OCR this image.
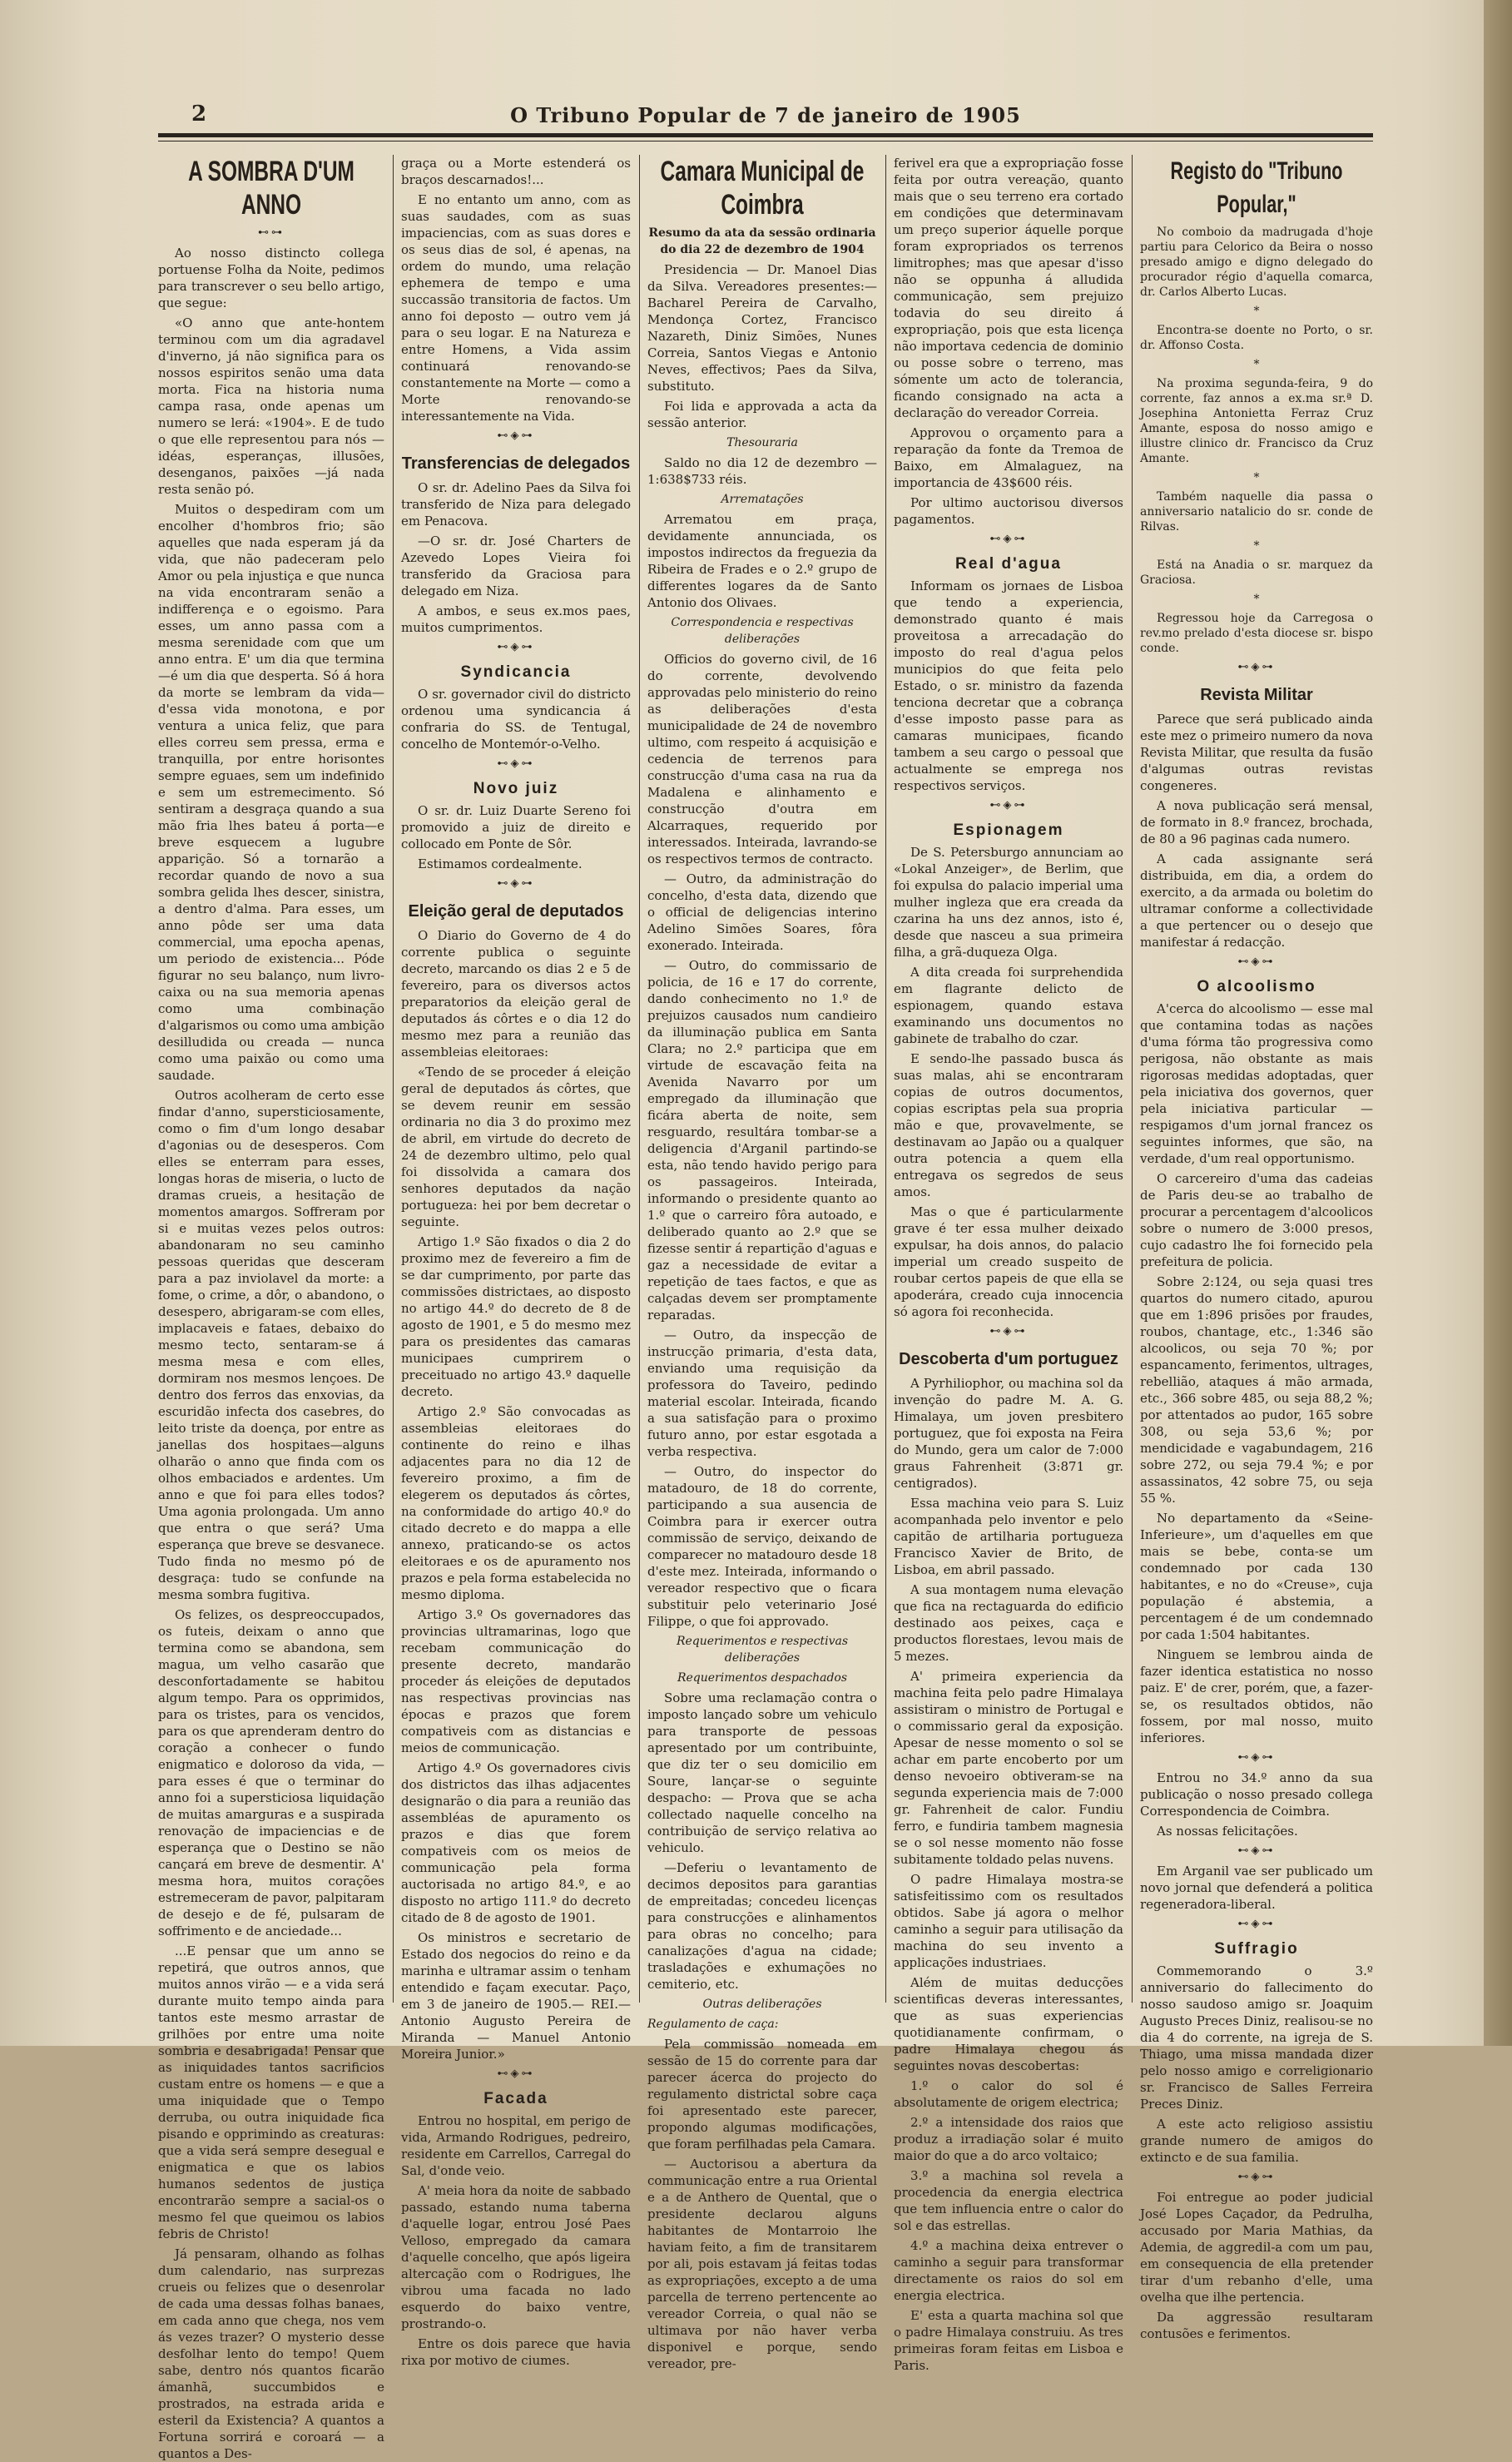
2	O Tribuno Popular de 7 de janeiro de 1905
A SOMBRA D'UM ANNO
⊷⊶

Ao nosso distincto collega portuense Folha da Noite, pedimos para transcrever o seu bello artigo, que segue:

«O anno que ante-hontem terminou com um dia agradavel d'inverno, já não significa para os nossos espiritos senão uma data morta. Fica na historia numa campa rasa, onde apenas um numero se lerá: «1904». E de tudo o que elle representou para nós — idéas, esperanças, illusões, desenganos, paixões —já nada resta senão pó.

Muitos o despediram com um encolher d'hombros frio; são aquelles que nada esperam já da vida, que não padeceram pelo Amor ou pela injustiça e que nunca na vida encontraram senão a indifferença e o egoismo. Para esses, um anno passa com a mesma serenidade com que um anno entra. E' um dia que termina—é um dia que desperta. Só á hora da morte se lembram da vida—d'essa vida monotona, e por ventura a unica feliz, que para elles correu sem pressa, erma e tranquilla, por entre horisontes sempre eguaes, sem um indefinido e sem um estremecimento. Só sentiram a desgraça quando a sua mão fria lhes bateu á porta—e breve esquecem a lugubre apparição. Só a tornarão a recordar quando de novo a sua sombra gelida lhes descer, sinistra, a dentro d'alma. Para esses, um anno pôde ser uma data commercial, uma epocha apenas, um periodo de existencia... Póde figurar no seu balanço, num livro-caixa ou na sua memoria apenas como uma combinação d'algarismos ou como uma ambição desilludida ou creada — nunca como uma paixão ou como uma saudade.

Outros acolheram de certo esse findar d'anno, supersticiosamente, como o fim d'um longo desabar d'agonias ou de desesperos. Com elles se enterram para esses, longas horas de miseria, o lucto de dramas crueis, a hesitação de momentos amargos. Soffreram por si e muitas vezes pelos outros: abandonaram no seu caminho pessoas queridas que desceram para a paz inviolavel da morte: a fome, o crime, a dôr, o abandono, o desespero, abrigaram-se com elles, implacaveis e fataes, debaixo do mesmo tecto, sentaram-se á mesma mesa e com elles, dormiram nos mesmos lençoes. De dentro dos ferros das enxovias, da escuridão infecta dos casebres, do leito triste da doença, por entre as janellas dos hospitaes—alguns olharão o anno que finda com os olhos embaciados e ardentes. Um anno e que foi para elles todos? Uma agonia prolongada. Um anno que entra o que será? Uma esperança que breve se desvanece. Tudo finda no mesmo pó de desgraça: tudo se confunde na mesma sombra fugitiva.

Os felizes, os despreoccupados, os futeis, deixam o anno que termina como se abandona, sem magua, um velho casarão que desconfortadamente se habitou algum tempo. Para os opprimidos, para os tristes, para os vencidos, para os que aprenderam dentro do coração a conhecer o fundo enigmatico e doloroso da vida, — para esses é que o terminar do anno foi a supersticiosa liquidação de muitas amarguras e a suspirada renovação de impaciencias e de esperança que o Destino se não cançará em breve de desmentir. A' mesma hora, muitos corações estremeceram de pavor, palpitaram de desejo e de fé, pulsaram de soffrimento e de anciedade...

...E pensar que um anno se repetirá, que outros annos, que muitos annos virão — e a vida será durante muito tempo ainda para tantos este mesmo arrastar de grilhões por entre uma noite sombria e desabrigada! Pensar que as iniquidades tantos sacrificios custam entre os homens — e que a uma iniquidade que o Tempo derruba, ou outra iniquidade fica pisando e opprimindo as creaturas: que a vida será sempre desegual e enigmatica e que os labios humanos sedentos de justiça encontrarão sempre a sacial-os o mesmo fel que queimou os labios febris de Christo!

Já pensaram, olhando as folhas dum calendario, nas surprezas crueis ou felizes que o desenrolar de cada uma dessas folhas banaes, em cada anno que chega, nos vem ás vezes trazer? O mysterio desse desfolhar lento do tempo! Quem sabe, dentro nós quantos ficarão ámanhã, succumbidos e prostrados, na estrada arida e esteril da Existencia? A quantos a Fortuna sorrirá e coroará — a quantos a Des-

graça ou a Morte estenderá os braços descarnados!...

E no entanto um anno, com as suas saudades, com as suas impaciencias, com as suas dores e os seus dias de sol, é apenas, na ordem do mundo, uma relação ephemera de tempo e uma succassão transitoria de factos. Um anno foi deposto — outro vem já para o seu logar. E na Natureza e entre Homens, a Vida assim continuará renovando-se constantemente na Morte — como a Morte renovando-se interessantemente na Vida.

⊷◈⊶
Transferencias de delegados

O sr. dr. Adelino Paes da Silva foi transferido de Niza para delegado em Penacova.

—O sr. dr. José Charters de Azevedo Lopes Vieira foi transferido da Graciosa para delegado em Niza.

A ambos, e seus ex.mos paes, muitos cumprimentos.

⊷◈⊶
Syndicancia

O sr. governador civil do districto ordenou uma syndicancia á confraria do SS. de Tentugal, concelho de Montemór-o-Velho.

⊷◈⊶
Novo juiz

O sr. dr. Luiz Duarte Sereno foi promovido a juiz de direito e collocado em Ponte de Sôr.

Estimamos cordealmente.

⊷◈⊶
Eleição geral de deputados

O Diario do Governo de 4 do corrente publica o seguinte decreto, marcando os dias 2 e 5 de fevereiro, para os diversos actos preparatorios da eleição geral de deputados ás côrtes e o dia 12 do mesmo mez para a reunião das assembleias eleitoraes:

«Tendo de se proceder á eleição geral de deputados ás côrtes, que se devem reunir em sessão ordinaria no dia 3 do proximo mez de abril, em virtude do decreto de 24 de dezembro ultimo, pelo qual foi dissolvida a camara dos senhores deputados da nação portugueza: hei por bem decretar o seguinte.

Artigo 1.º São fixados o dia 2 do proximo mez de fevereiro a fim de se dar cumprimento, por parte das commissões districtaes, ao disposto no artigo 44.º do decreto de 8 de agosto de 1901, e 5 do mesmo mez para os presidentes das camaras municipaes cumprirem o preceituado no artigo 43.º daquelle decreto.

Artigo 2.º São convocadas as assembleias eleitoraes do continente do reino e ilhas adjacentes para no dia 12 de fevereiro proximo, a fim de elegerem os deputados ás côrtes, na conformidade do artigo 40.º do citado decreto e do mappa a elle annexo, praticando-se os actos eleitoraes e os de apuramento nos prazos e pela forma estabelecida no mesmo diploma.

Artigo 3.º Os governadores das provincias ultramarinas, logo que recebam communicação do presente decreto, mandarão proceder ás eleições de deputados nas respectivas provincias nas épocas e prazos que forem compativeis com as distancias e meios de communicação.

Artigo 4.º Os governadores civis dos districtos das ilhas adjacentes designarão o dia para a reunião das assembléas de apuramento os prazos e dias que forem compativeis com os meios de communicação pela forma auctorisada no artigo 84.º, e ao disposto no artigo 111.º do decreto citado de 8 de agosto de 1901.

Os ministros e secretario de Estado dos negocios do reino e da marinha e ultramar assim o tenham entendido e façam executar. Paço, em 3 de janeiro de 1905.— REI.— Antonio Augusto Pereira de Miranda — Manuel Antonio Moreira Junior.»

⊷◈⊶
Facada

Entrou no hospital, em perigo de vida, Armando Rodrigues, pedreiro, residente em Carrellos, Carregal do Sal, d'onde veio.

A' meia hora da noite de sabbado passado, estando numa taberna d'aquelle logar, entrou José Paes Velloso, empregado da camara d'aquelle concelho, que após ligeira altercação com o Rodrigues, lhe vibrou uma facada no lado esquerdo do baixo ventre, prostrando-o.

Entre os dois parece que havia rixa por motivo de ciumes.

Camara Municipal de Coimbra
Resumo da ata da sessão ordinaria do dia 22 de dezembro de 1904

Presidencia — Dr. Manoel Dias da Silva. Vereadores presentes:—Bacharel Pereira de Carvalho, Mendonça Cortez, Francisco Nazareth, Diniz Simões, Nunes Correia, Santos Viegas e Antonio Neves, effectivos; Paes da Silva, substituto.

Foi lida e approvada a acta da sessão anterior.

Thesouraria

Saldo no dia 12 de dezembro — 1:638$733 réis.

Arrematações

Arrematou em praça, devidamente annunciada, os impostos indirectos da freguezia da Ribeira de Frades e o 2.º grupo de differentes logares da de Santo Antonio dos Olivaes.

Correspondencia e respectivas deliberações

Officios do governo civil, de 16 do corrente, devolvendo approvadas pelo ministerio do reino as deliberações d'esta municipalidade de 24 de novembro ultimo, com respeito á acquisição e cedencia de terrenos para construcção d'uma casa na rua da Madalena e alinhamento e construcção d'outra em Alcarraques, requerido por interessados. Inteirada, lavrando-se os respectivos termos de contracto.

— Outro, da administração do concelho, d'esta data, dizendo que o official de deligencias interino Adelino Simões Soares, fôra exonerado. Inteirada.

— Outro, do commissario de policia, de 16 e 17 do corrente, dando conhecimento no 1.º de prejuizos causados num candieiro da illuminação publica em Santa Clara; no 2.º participa que em virtude de escavação feita na Avenida Navarro por um empregado da illuminação que ficára aberta de noite, sem resguardo, resultára tombar-se a deligencia d'Arganil partindo-se esta, não tendo havido perigo para os passageiros. Inteirada, informando o presidente quanto ao 1.º que o carreiro fôra autoado, e deliberado quanto ao 2.º que se fizesse sentir á repartição d'aguas e gaz a necessidade de evitar a repetição de taes factos, e que as calçadas devem ser promptamente reparadas.

— Outro, da inspecção de instrucção primaria, d'esta data, enviando uma requisição da professora do Taveiro, pedindo material escolar. Inteirada, ficando a sua satisfação para o proximo futuro anno, por estar esgotada a verba respectiva.

— Outro, do inspector do matadouro, de 18 do corrente, participando a sua ausencia de Coimbra para ir exercer outra commissão de serviço, deixando de comparecer no matadouro desde 18 d'este mez. Inteirada, informando o vereador respectivo que o ficara substituir pelo veterinario José Filippe, o que foi approvado.

Requerimentos e respectivas deliberações
Requerimentos despachados

Sobre uma reclamação contra o imposto lançado sobre um vehiculo para transporte de pessoas apresentado por um contribuinte, que diz ter o seu domicilio em Soure, lançar-se o seguinte despacho: — Prova que se acha collectado naquelle concelho na contribuição de serviço relativa ao vehiculo.

—Deferiu o levantamento de decimos depositos para garantias de empreitadas; concedeu licenças para construcções e alinhamentos para obras no concelho; para canalizações d'agua na cidade; trasladações e exhumações no cemiterio, etc.

Outras deliberações
Regulamento de caça:

Pela commissão nomeada em sessão de 15 do corrente para dar parecer ácerca do projecto do regulamento districtal sobre caça foi apresentado este parecer, propondo algumas modificações, que foram perfilhadas pela Camara.

— Auctorisou a abertura da communicação entre a rua Oriental e a de Anthero de Quental, que o presidente declarou alguns habitantes de Montarroio lhe haviam feito, a fim de transitarem por ali, pois estavam já feitas todas as expropriações, excepto a de uma parcella de terreno pertencente ao vereador Correia, o qual não se ultimava por não haver verba disponivel e porque, sendo vereador, pre-

ferivel era que a expropriação fosse feita por outra vereação, quanto mais que o seu terreno era cortado em condições que determinavam um preço superior áquelle porque foram expropriados os terrenos limitrophes; mas que apesar d'isso não se oppunha á alludida communicação, sem prejuizo todavia do seu direito á expropriação, pois que esta licença não importava cedencia de dominio ou posse sobre o terreno, mas sómente um acto de tolerancia, ficando consignado na acta a declaração do vereador Correia.

Approvou o orçamento para a reparação da fonte da Tremoa de Baixo, em Almalaguez, na importancia de 43$600 réis.

Por ultimo auctorisou diversos pagamentos.

⊷◈⊶
Real d'agua

Informam os jornaes de Lisboa que tendo a experiencia, demonstrado quanto é mais proveitosa a arrecadação do imposto do real d'agua pelos municipios do que feita pelo Estado, o sr. ministro da fazenda tenciona decretar que a cobrança d'esse imposto passe para as camaras municipaes, ficando tambem a seu cargo o pessoal que actualmente se emprega nos respectivos serviços.

⊷◈⊶
Espionagem

De S. Petersburgo annunciam ao «Lokal Anzeiger», de Berlim, que foi expulsa do palacio imperial uma mulher ingleza que era creada da czarina ha uns dez annos, isto é, desde que nasceu a sua primeira filha, a grã-duqueza Olga.

A dita creada foi surprehendida em flagrante delicto de espionagem, quando estava examinando uns documentos no gabinete de trabalho do czar.

E sendo-lhe passado busca ás suas malas, ahi se encontraram copias de outros documentos, copias escriptas pela sua propria mão e que, provavelmente, se destinavam ao Japão ou a qualquer outra potencia a quem ella entregava os segredos de seus amos.

Mas o que é particularmente grave é ter essa mulher deixado expulsar, ha dois annos, do palacio imperial um creado suspeito de roubar certos papeis de que ella se apoderára, creado cuja innocencia só agora foi reconhecida.

⊷◈⊶
Descoberta d'um portuguez

A Pyrhiliophor, ou machina sol da invenção do padre M. A. G. Himalaya, um joven presbitero portuguez, que foi exposta na Feira do Mundo, gera um calor de 7:000 graus Fahrenheit (3:871 gr. centigrados).

Essa machina veio para S. Luiz acompanhada pelo inventor e pelo capitão de artilharia portugueza Francisco Xavier de Brito, de Lisboa, em abril passado.

A sua montagem numa elevação que fica na rectaguarda do edificio destinado aos peixes, caça e productos florestaes, levou mais de 5 mezes.

A' primeira experiencia da machina feita pelo padre Himalaya assistiram o ministro de Portugal e o commissario geral da exposição. Apesar de nesse momento o sol se achar em parte encoberto por um denso nevoeiro obtiveram-se na segunda experiencia mais de 7:000 gr. Fahrenheit de calor. Fundiu ferro, e fundiria tambem magnesia se o sol nesse momento não fosse subitamente toldado pelas nuvens.

O padre Himalaya mostra-se satisfeitissimo com os resultados obtidos. Sabe já agora o melhor caminho a seguir para utilisação da machina do seu invento a applicações industriaes.

Além de muitas deducções scientificas deveras interessantes, que as suas experiencias quotidianamente confirmam, o padre Himalaya chegou ás seguintes novas descobertas:

1.º o calor do sol é absolutamente de origem electrica;

2.º a intensidade dos raios que produz a irradiação solar é muito maior do que a do arco voltaico;

3.º a machina sol revela a procedencia da energia electrica que tem influencia entre o calor do sol e das estrellas.

4.º a machina deixa entrever o caminho a seguir para transformar directamente os raios do sol em energia electrica.

E' esta a quarta machina sol que o padre Himalaya construiu. As tres primeiras foram feitas em Lisboa e Paris.

Registo do "Tribuno Popular,"

No comboio da madrugada d'hoje partiu para Celorico da Beira o nosso presado amigo e digno delegado do procurador régio d'aquella comarca, dr. Carlos Alberto Lucas.

*

Encontra-se doente no Porto, o sr. dr. Affonso Costa.

*

Na proxima segunda-feira, 9 do corrente, faz annos a ex.ma sr.ª D. Josephina Antonietta Ferraz Cruz Amante, esposa do nosso amigo e illustre clinico dr. Francisco da Cruz Amante.

*

Também naquelle dia passa o anniversario natalicio do sr. conde de Rilvas.

*

Está na Anadia o sr. marquez da Graciosa.

*

Regressou hoje da Carregosa o rev.mo prelado d'esta diocese sr. bispo conde.

⊷◈⊶
Revista Militar

Parece que será publicado ainda este mez o primeiro numero da nova Revista Militar, que resulta da fusão d'algumas outras revistas congeneres.

A nova publicação será mensal, de formato in 8.º francez, brochada, de 80 a 96 paginas cada numero.

A cada assignante será distribuida, em dia, a ordem do exercito, a da armada ou boletim do ultramar conforme a collectividade a que pertencer ou o desejo que manifestar á redacção.

⊷◈⊶
O alcoolismo

A'cerca do alcoolismo — esse mal que contamina todas as nações d'uma fórma tão progressiva como perigosa, não obstante as mais rigorosas medidas adoptadas, quer pela iniciativa dos governos, quer pela iniciativa particular — respigamos d'um jornal francez os seguintes informes, que são, na verdade, d'um real opportunismo.

O carcereiro d'uma das cadeias de Paris deu-se ao trabalho de procurar a percentagem d'alcoolicos sobre o numero de 3:000 presos, cujo cadastro lhe foi fornecido pela prefeitura de policia.

Sobre 2:124, ou seja quasi tres quartos do numero citado, apurou que em 1:896 prisões por fraudes, roubos, chantage, etc., 1:346 são alcoolicos, ou seja 70 %; por espancamento, ferimentos, ultrages, rebellião, ataques á mão armada, etc., 366 sobre 485, ou seja 88,2 %; por attentados ao pudor, 165 sobre 308, ou seja 53,6 %; por mendicidade e vagabundagem, 216 sobre 272, ou seja 79.4 %; e por assassinatos, 42 sobre 75, ou seja 55 %.

No departamento da «Seine-Inferieure», um d'aquelles em que mais se bebe, conta-se um condemnado por cada 130 habitantes, e no do «Creuse», cuja população é abstemia, a percentagem é de um condemnado por cada 1:504 habitantes.

Ninguem se lembrou ainda de fazer identica estatistica no nosso paiz. E' de crer, porém, que, a fazer-se, os resultados obtidos, não fossem, por mal nosso, muito inferiores.

⊷◈⊶

Entrou no 34.º anno da sua publicação o nosso presado collega Correspondencia de Coimbra.

As nossas felicitações.

⊷◈⊶

Em Arganil vae ser publicado um novo jornal que defenderá a politica regeneradora-liberal.

⊷◈⊶
Suffragio

Commemorando o 3.º anniversario do fallecimento do nosso saudoso amigo sr. Joaquim Augusto Preces Diniz, realisou-se no dia 4 do corrente, na igreja de S. Thiago, uma missa mandada dizer pelo nosso amigo e correligionario sr. Francisco de Salles Ferreira Preces Diniz.

A este acto religioso assistiu grande numero de amigos do extincto e de sua familia.

⊷◈⊶

Foi entregue ao poder judicial José Lopes Caçador, da Pedrulha, accusado por Maria Mathias, da Ademia, de aggredil-a com um pau, em consequencia de ella pretender tirar d'um rebanho d'elle, uma ovelha que ilhe pertencia.

Da aggressão resultaram contusões e ferimentos.
